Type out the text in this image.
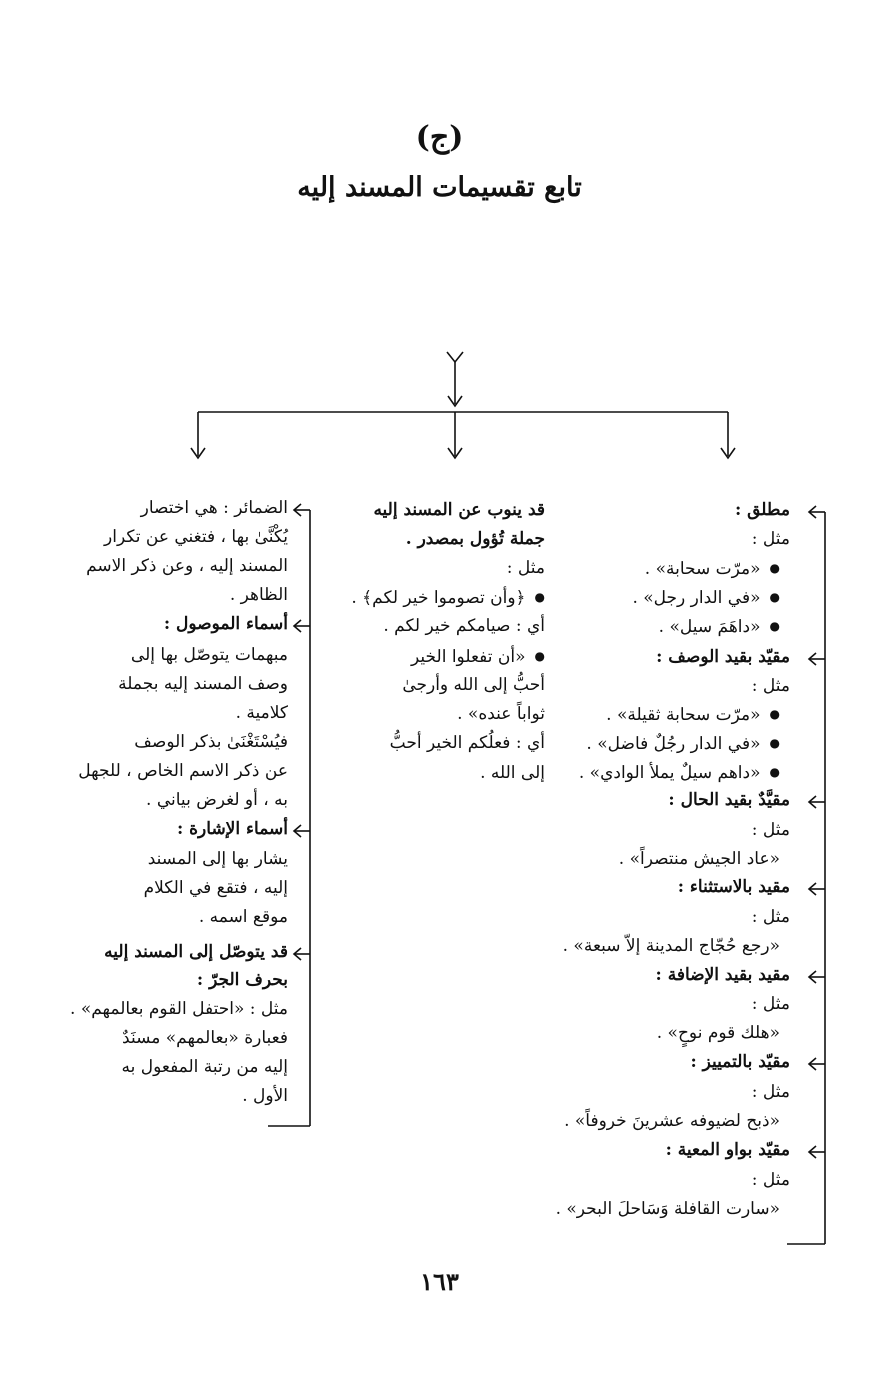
(ج)
تابع تقسيمات المسند إليه
مطلق :
مثل :
● «مرّت سحابة» .
● «في الدار رجل» .
● «داهَمَ سيل» .
مقيّد بقيد الوصف :
مثل :
● «مرّت سحابة ثقيلة» .
● «في الدار رجُلٌ فاضل» .
● «داهم سيلٌ يملأ الوادي» .
مقيَّدٌ بقيد الحال :
مثل :
«عاد الجيش منتصراً» .
مقيد بالاستثناء :
مثل :
«رجع حُجّاج المدينة إلاّ سبعة» .
مقيد بقيد الإضافة :
مثل :
«هلك قوم نوحٍ» .
مقيّد بالتمييز :
مثل :
«ذبح لضيوفه عشرينَ خروفاً» .
مقيّد بواو المعية :
مثل :
«سارت القافلة وَسَاحلَ البحر» .
قد ينوب عن المسند إليه
جملة تُؤول بمصدر .
مثل :
● ﴿وأن تصوموا خير لكم﴾ .
أي : صيامكم خير لكم .
● «أن تفعلوا الخير
أحبُّ إلى الله وأرجىٰ
ثواباً عنده» .
أي : فعلُكم الخير أحبُّ
إلى الله .
الضمائر : هي اختصار
يُكْنَّىٰ بها ، فتغني عن تكرار
المسند إليه ، وعن ذكر الاسم
الظاهر .
أسماء الموصول :
مبهمات يتوصّل بها إلى
وصف المسند إليه بجملة
كلامية .
فيُسْتَغْنَىٰ بذكر الوصف
عن ذكر الاسم الخاص ، للجهل
به ، أو لغرض بياني .
أسماء الإشارة :
يشار بها إلى المسند
إليه ، فتقع في الكلام
موقع اسمه .
قد يتوصّل إلى المسند إليه
بحرف الجرّ :
مثل : «احتفل القوم بعالمهم» .
فعبارة «بعالمهم» مسنَدٌ
إليه من رتبة المفعول به
الأول .
١٦٣
